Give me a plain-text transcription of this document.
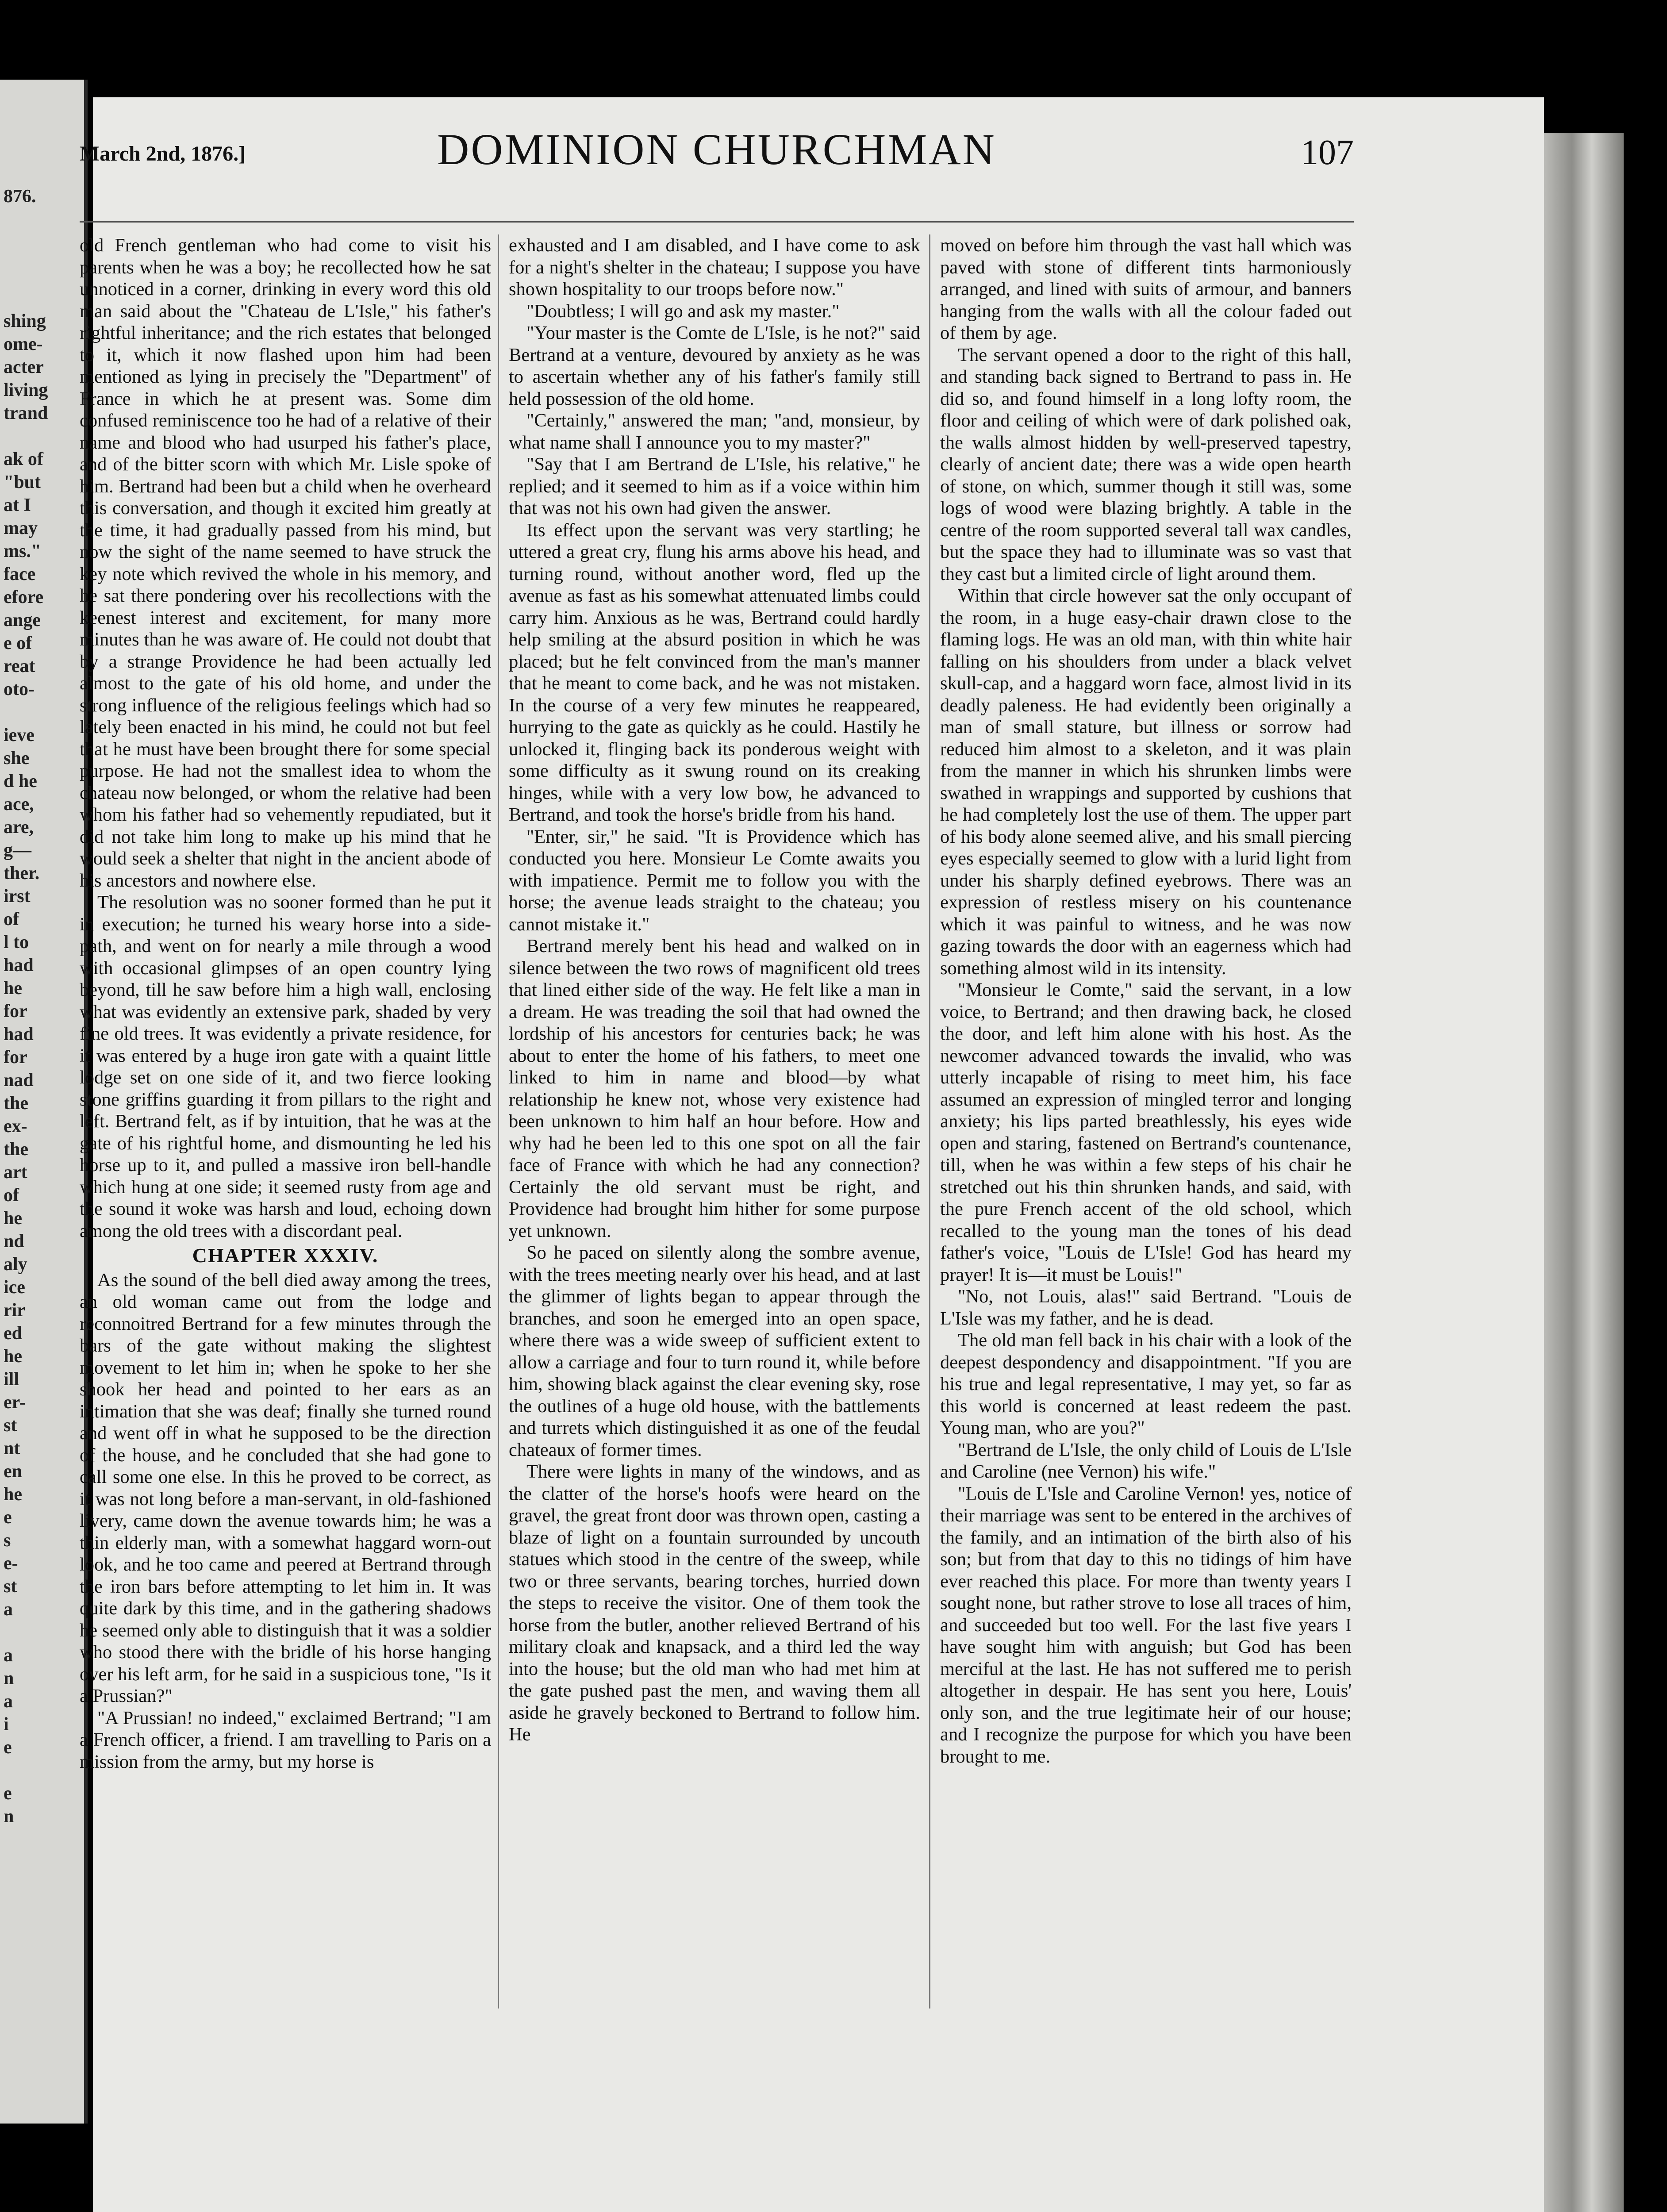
876.
shing
ome-
acter
living
trand
ak of
"but
at I
may
ms."
face
efore
ange
e of
reat
oto-
ieve
she
d he
ace,
are,
g—
ther.
irst
of
l to
had
he
for
had
for
nad
the
ex-
the
art
of
he
nd
aly
ice
rir
ed
he
ill
er-
st
nt
en
he
e
s
e-
st
a
a
n
a
i
e
e
n
March 2nd, 1876.]	DOMINION CHURCHMAN	107

old French gentleman who had come to visit his parents when he was a boy; he recollected how he sat unnoticed in a corner, drinking in every word this old man said about the "Chateau de L'Isle," his father's rightful inheritance; and the rich estates that belonged to it, which it now flashed upon him had been mentioned as lying in precisely the "Department" of France in which he at present was. Some dim confused reminiscence too he had of a relative of their name and blood who had usurped his father's place, and of the bitter scorn with which Mr. Lisle spoke of him. Bertrand had been but a child when he overheard this conversation, and though it excited him greatly at the time, it had gradually passed from his mind, but now the sight of the name seemed to have struck the key note which revived the whole in his memory, and he sat there pondering over his recollections with the keenest interest and excitement, for many more minutes than he was aware of. He could not doubt that by a strange Providence he had been actually led almost to the gate of his old home, and under the strong influence of the religious feelings which had so lately been enacted in his mind, he could not but feel that he must have been brought there for some special purpose. He had not the smallest idea to whom the chateau now belonged, or whom the relative had been whom his father had so vehemently repudiated, but it did not take him long to make up his mind that he would seek a shelter that night in the ancient abode of his ancestors and nowhere else.

The resolution was no sooner formed than he put it in execution; he turned his weary horse into a side-path, and went on for nearly a mile through a wood with occasional glimpses of an open country lying beyond, till he saw before him a high wall, enclosing what was evidently an extensive park, shaded by very fine old trees. It was evidently a private residence, for it was entered by a huge iron gate with a quaint little lodge set on one side of it, and two fierce looking stone griffins guarding it from pillars to the right and left. Bertrand felt, as if by intuition, that he was at the gate of his rightful home, and dismounting he led his horse up to it, and pulled a massive iron bell-handle which hung at one side; it seemed rusty from age and the sound it woke was harsh and loud, echoing down among the old trees with a discordant peal.

CHAPTER XXXIV.

As the sound of the bell died away among the trees, an old woman came out from the lodge and reconnoitred Bertrand for a few minutes through the bars of the gate without making the slightest movement to let him in; when he spoke to her she shook her head and pointed to her ears as an intimation that she was deaf; finally she turned round and went off in what he supposed to be the direction of the house, and he concluded that she had gone to call some one else. In this he proved to be correct, as it was not long before a man-servant, in old-fashioned livery, came down the avenue towards him; he was a thin elderly man, with a somewhat haggard worn-out look, and he too came and peered at Bertrand through the iron bars before attempting to let him in. It was quite dark by this time, and in the gathering shadows he seemed only able to distinguish that it was a soldier who stood there with the bridle of his horse hanging over his left arm, for he said in a suspicious tone, "Is it a Prussian?"

"A Prussian! no indeed," exclaimed Bertrand; "I am a French officer, a friend. I am travelling to Paris on a mission from the army, but my horse is

exhausted and I am disabled, and I have come to ask for a night's shelter in the chateau; I suppose you have shown hospitality to our troops before now."

"Doubtless; I will go and ask my master."

"Your master is the Comte de L'Isle, is he not?" said Bertrand at a venture, devoured by anxiety as he was to ascertain whether any of his father's family still held possession of the old home.

"Certainly," answered the man; "and, monsieur, by what name shall I announce you to my master?"

"Say that I am Bertrand de L'Isle, his relative," he replied; and it seemed to him as if a voice within him that was not his own had given the answer.

Its effect upon the servant was very startling; he uttered a great cry, flung his arms above his head, and turning round, without another word, fled up the avenue as fast as his somewhat attenuated limbs could carry him. Anxious as he was, Bertrand could hardly help smiling at the absurd position in which he was placed; but he felt convinced from the man's manner that he meant to come back, and he was not mistaken. In the course of a very few minutes he reappeared, hurrying to the gate as quickly as he could. Hastily he unlocked it, flinging back its ponderous weight with some difficulty as it swung round on its creaking hinges, while with a very low bow, he advanced to Bertrand, and took the horse's bridle from his hand.

"Enter, sir," he said. "It is Providence which has conducted you here. Monsieur Le Comte awaits you with impatience. Permit me to follow you with the horse; the avenue leads straight to the chateau; you cannot mistake it."

Bertrand merely bent his head and walked on in silence between the two rows of magnificent old trees that lined either side of the way. He felt like a man in a dream. He was treading the soil that had owned the lordship of his ancestors for centuries back; he was about to enter the home of his fathers, to meet one linked to him in name and blood—by what relationship he knew not, whose very existence had been unknown to him half an hour before. How and why had he been led to this one spot on all the fair face of France with which he had any connection? Certainly the old servant must be right, and Providence had brought him hither for some purpose yet unknown.

So he paced on silently along the sombre avenue, with the trees meeting nearly over his head, and at last the glimmer of lights began to appear through the branches, and soon he emerged into an open space, where there was a wide sweep of sufficient extent to allow a carriage and four to turn round it, while before him, showing black against the clear evening sky, rose the outlines of a huge old house, with the battlements and turrets which distinguished it as one of the feudal chateaux of former times.

There were lights in many of the windows, and as the clatter of the horse's hoofs were heard on the gravel, the great front door was thrown open, casting a blaze of light on a fountain surrounded by uncouth statues which stood in the centre of the sweep, while two or three servants, bearing torches, hurried down the steps to receive the visitor. One of them took the horse from the butler, another relieved Bertrand of his military cloak and knapsack, and a third led the way into the house; but the old man who had met him at the gate pushed past the men, and waving them all aside he gravely beckoned to Bertrand to follow him. He

moved on before him through the vast hall which was paved with stone of different tints harmoniously arranged, and lined with suits of armour, and banners hanging from the walls with all the colour faded out of them by age.

The servant opened a door to the right of this hall, and standing back signed to Bertrand to pass in. He did so, and found himself in a long lofty room, the floor and ceiling of which were of dark polished oak, the walls almost hidden by well-preserved tapestry, clearly of ancient date; there was a wide open hearth of stone, on which, summer though it still was, some logs of wood were blazing brightly. A table in the centre of the room supported several tall wax candles, but the space they had to illuminate was so vast that they cast but a limited circle of light around them.

Within that circle however sat the only occupant of the room, in a huge easy-chair drawn close to the flaming logs. He was an old man, with thin white hair falling on his shoulders from under a black velvet skull-cap, and a haggard worn face, almost livid in its deadly paleness. He had evidently been originally a man of small stature, but illness or sorrow had reduced him almost to a skeleton, and it was plain from the manner in which his shrunken limbs were swathed in wrappings and supported by cushions that he had completely lost the use of them. The upper part of his body alone seemed alive, and his small piercing eyes especially seemed to glow with a lurid light from under his sharply defined eyebrows. There was an expression of restless misery on his countenance which it was painful to witness, and he was now gazing towards the door with an eagerness which had something almost wild in its intensity.

"Monsieur le Comte," said the servant, in a low voice, to Bertrand; and then drawing back, he closed the door, and left him alone with his host. As the newcomer advanced towards the invalid, who was utterly incapable of rising to meet him, his face assumed an expression of mingled terror and longing anxiety; his lips parted breathlessly, his eyes wide open and staring, fastened on Bertrand's countenance, till, when he was within a few steps of his chair he stretched out his thin shrunken hands, and said, with the pure French accent of the old school, which recalled to the young man the tones of his dead father's voice, "Louis de L'Isle! God has heard my prayer! It is—it must be Louis!"

"No, not Louis, alas!" said Bertrand. "Louis de L'Isle was my father, and he is dead.

The old man fell back in his chair with a look of the deepest despondency and disappointment. "If you are his true and legal representative, I may yet, so far as this world is concerned at least redeem the past. Young man, who are you?"

"Bertrand de L'Isle, the only child of Louis de L'Isle and Caroline (nee Vernon) his wife."

"Louis de L'Isle and Caroline Vernon! yes, notice of their marriage was sent to be entered in the archives of the family, and an intimation of the birth also of his son; but from that day to this no tidings of him have ever reached this place. For more than twenty years I sought none, but rather strove to lose all traces of him, and succeeded but too well. For the last five years I have sought him with anguish; but God has been merciful at the last. He has not suffered me to perish altogether in despair. He has sent you here, Louis' only son, and the true legitimate heir of our house; and I recognize the purpose for which you have been brought to me.
